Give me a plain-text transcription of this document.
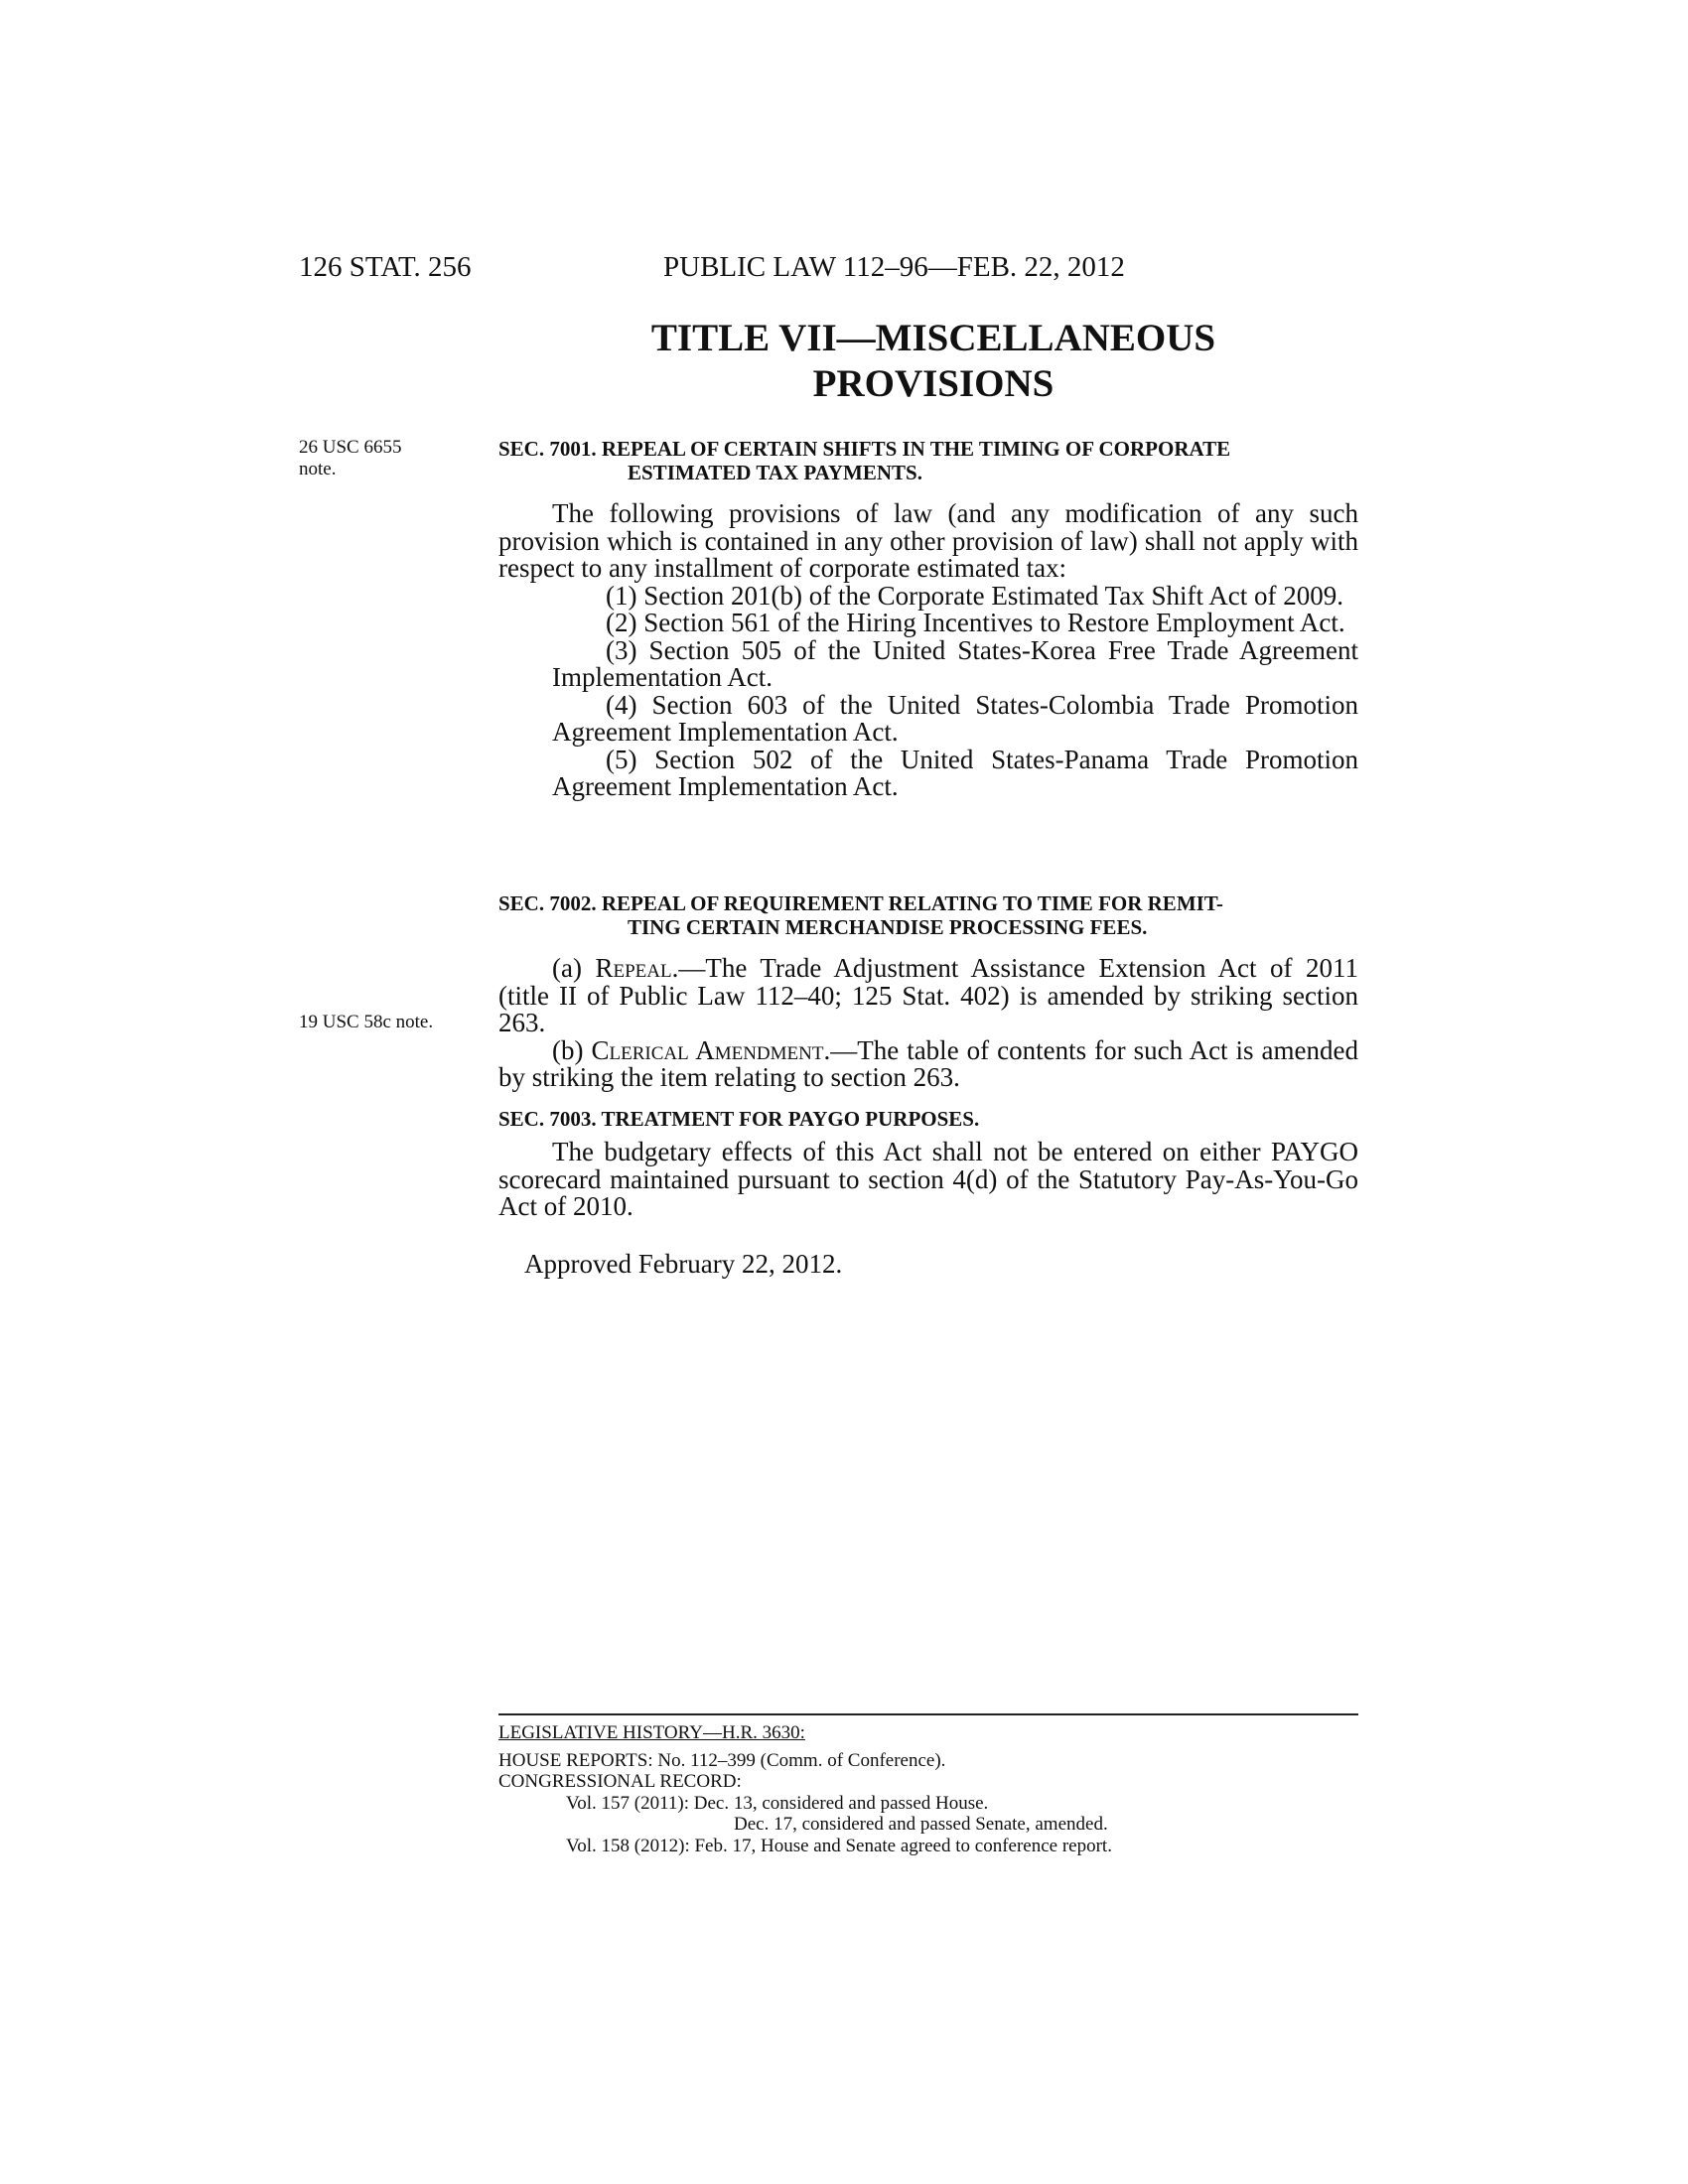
126 STAT. 256	PUBLIC LAW 112–96—FEB. 22, 2012
TITLE VII—MISCELLANEOUS
PROVISIONS
26 USC 6655 note.
19 USC 58c note.
SEC. 7001. REPEAL OF CERTAIN SHIFTS IN THE TIMING OF CORPORATE
ESTIMATED TAX PAYMENTS.

The following provisions of law (and any modification of any such provision which is contained in any other provision of law) shall not apply with respect to any installment of corporate estimated tax:

(1) Section 201(b) of the Corporate Estimated Tax Shift Act of 2009.

(2) Section 561 of the Hiring Incentives to Restore Employment Act.

(3) Section 505 of the United States-Korea Free Trade Agreement Implementation Act.

(4) Section 603 of the United States-Colombia Trade Promotion Agreement Implementation Act.

(5) Section 502 of the United States-Panama Trade Promotion Agreement Implementation Act.

SEC. 7002. REPEAL OF REQUIREMENT RELATING TO TIME FOR REMIT-
TING CERTAIN MERCHANDISE PROCESSING FEES.

(a) Repeal.—The Trade Adjustment Assistance Extension Act of 2011 (title II of Public Law 112–40; 125 Stat. 402) is amended by striking section 263.

(b) Clerical Amendment.—The table of contents for such Act is amended by striking the item relating to section 263.

SEC. 7003. TREATMENT FOR PAYGO PURPOSES.

The budgetary effects of this Act shall not be entered on either PAYGO scorecard maintained pursuant to section 4(d) of the Statutory Pay-As-You-Go Act of 2010.

Approved February 22, 2012.

LEGISLATIVE HISTORY—H.R. 3630:

HOUSE REPORTS: No. 112–399 (Comm. of Conference).

CONGRESSIONAL RECORD:

Vol. 157 (2011): Dec. 13, considered and passed House.

Dec. 17, considered and passed Senate, amended.

Vol. 158 (2012): Feb. 17, House and Senate agreed to conference report.
